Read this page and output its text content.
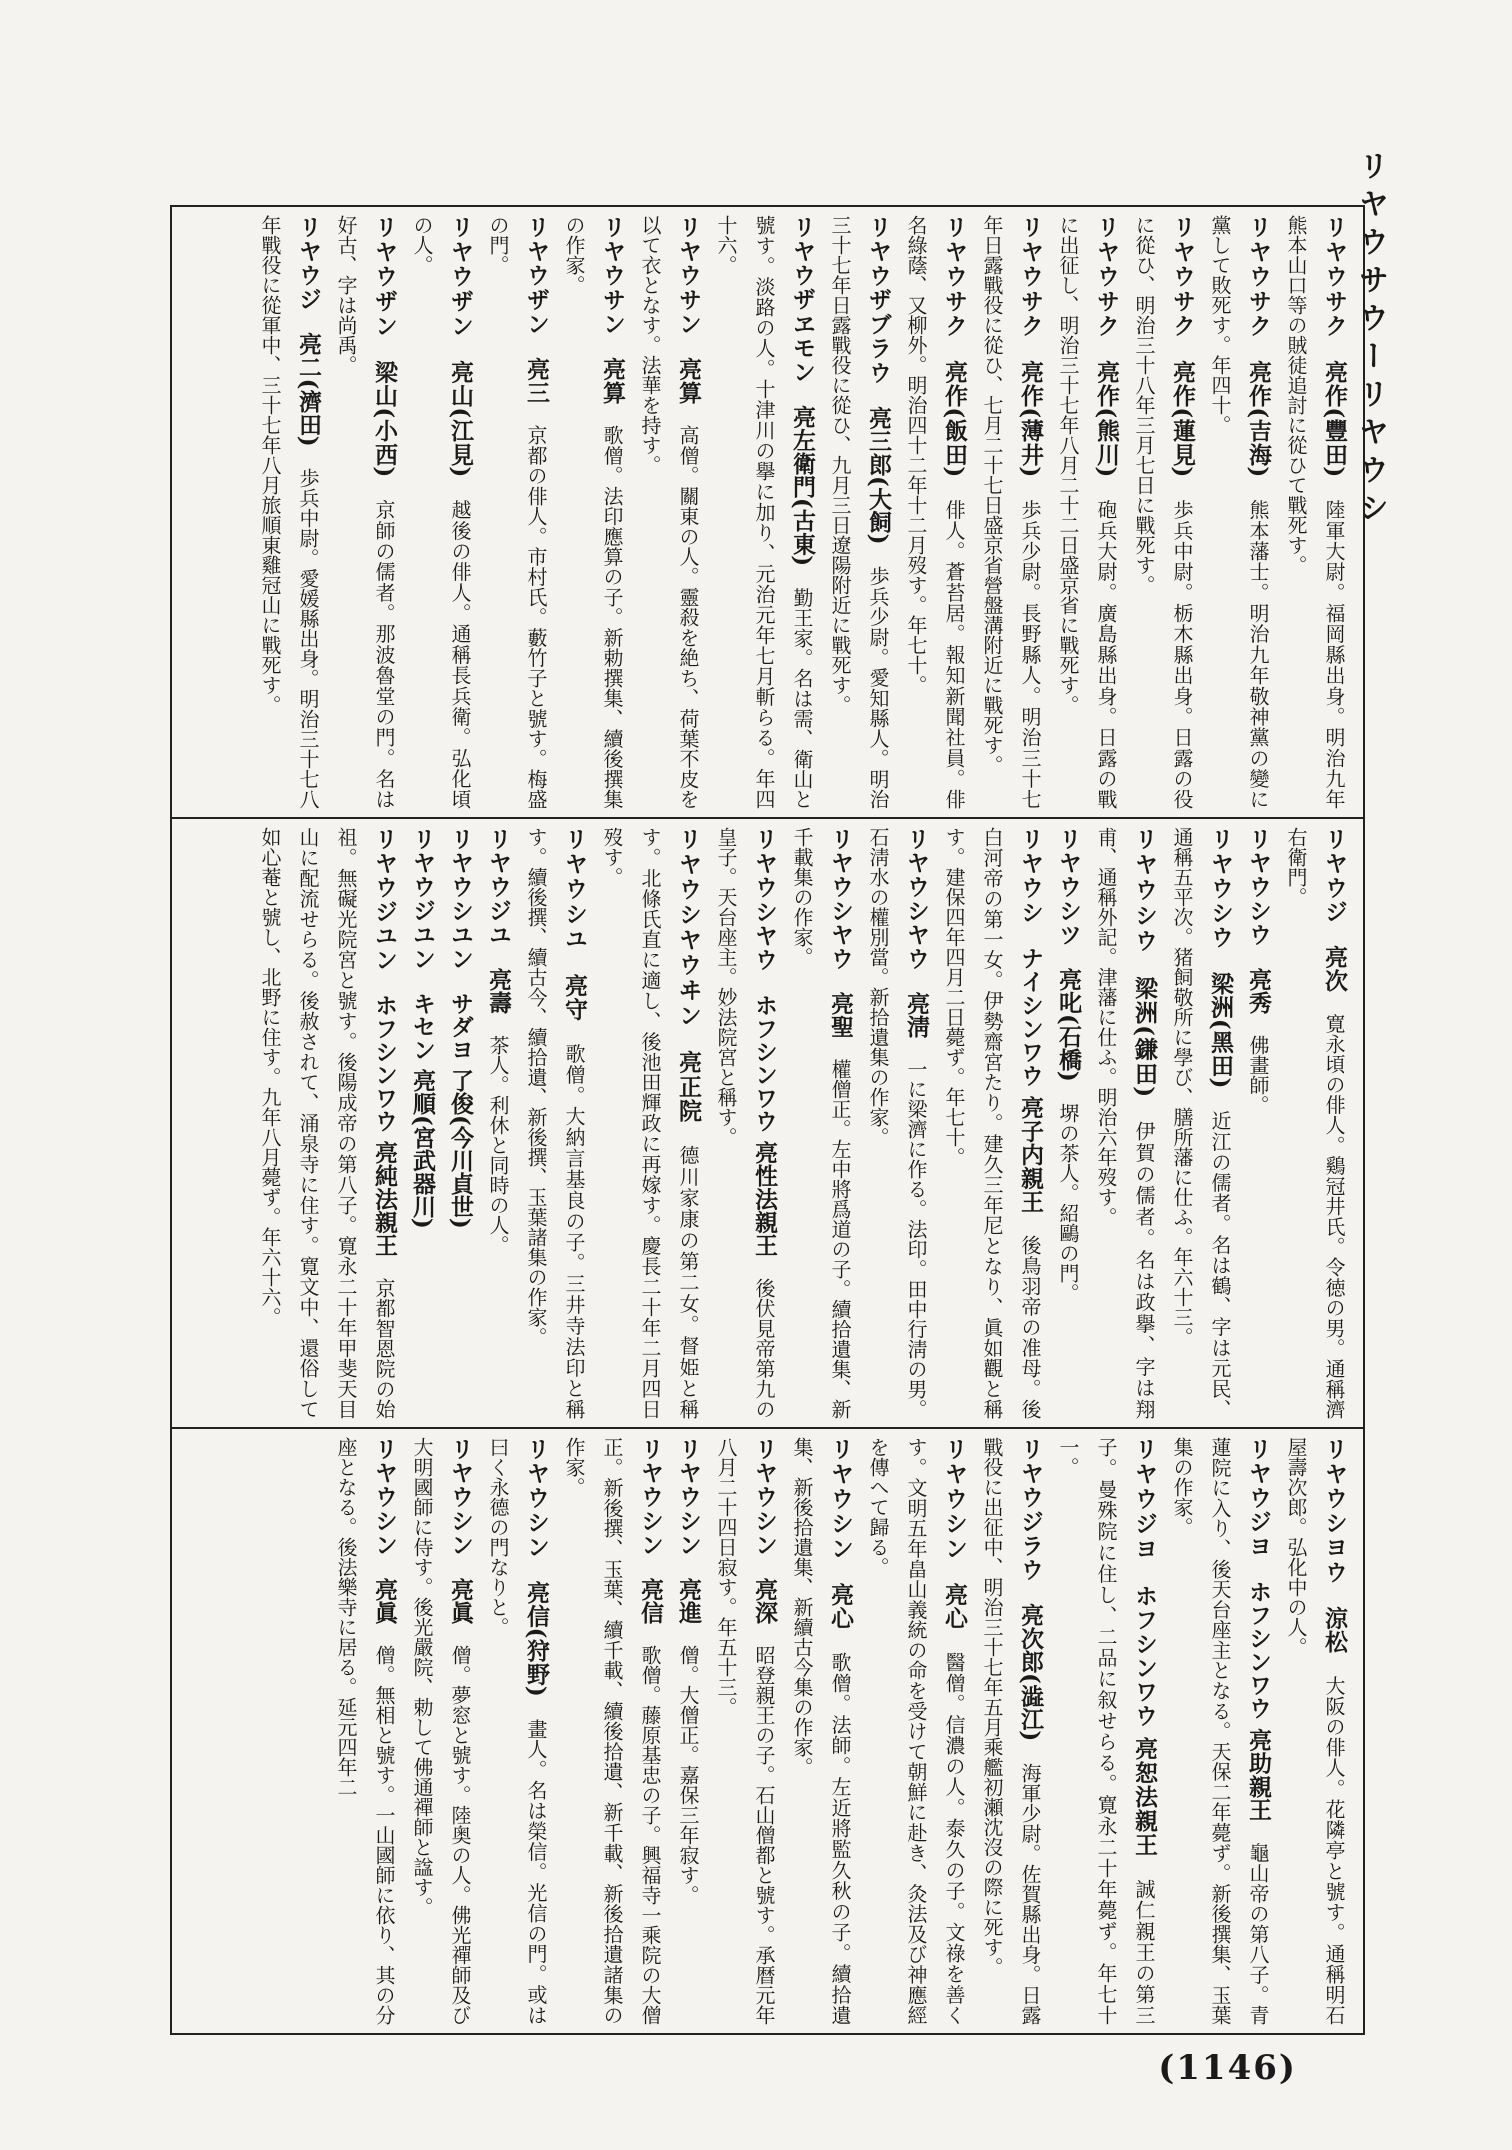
リヤウサウーリヤウシ
リヤウサク　亮作(豐田)　陸軍大尉。福岡縣出身。明治九年熊本山口等の賊徒追討に從ひて戰死す。
リヤウサク　亮作(吉海)　熊本藩士。明治九年敬神黨の變に黨して敗死す。年四十。
リヤウサク　亮作(蓮見)　歩兵中尉。栃木縣出身。日露の役に從ひ、明治三十八年三月七日に戰死す。
リヤウサク　亮作(熊川)　砲兵大尉。廣島縣出身。日露の戰に出征し、明治三十七年八月二十二日盛京省に戰死す。
リヤウサク　亮作(薄井)　歩兵少尉。長野縣人。明治三十七年日露戰役に從ひ、七月二十七日盛京省營盤溝附近に戰死す。
リヤウサク　亮作(飯田)　俳人。蒼苔居。報知新聞社員。俳名綠蔭、又柳外。明治四十二年十二月歿す。年七十。
リヤウザブラウ　亮三郎(大飼)　歩兵少尉。愛知縣人。明治三十七年日露戰役に從ひ、九月三日遼陽附近に戰死す。
リヤウザヱモン　亮左衛門(古東)　勤王家。名は需、衛山と號す。淡路の人。十津川の擧に加り、元治元年七月斬らる。年四十六。
リヤウサン　亮算　高僧。關東の人。靈殺を絶ち、荷葉不皮を以て衣となす。法華を持す。
リヤウサン　亮算　歌僧。法印應算の子。新勅撰集、續後撰集の作家。
リヤウザン　亮三　京都の俳人。市村氏。藪竹子と號す。梅盛の門。
リヤウザン　亮山(江見)　越後の俳人。通稱長兵衛。弘化頃の人。
リヤウザン　梁山(小西)　京師の儒者。那波魯堂の門。名は好古、字は尚禹。
リヤウジ　亮二(濟田)　歩兵中尉。愛媛縣出身。明治三十七八年戰役に從軍中、三十七年八月旅順東雞冠山に戰死す。
リヤウジ　亮次　寛永頃の俳人。鷄冠井氏。令徳の男。通稱濟右衛門。
リヤウシウ　亮秀　佛畫師。
リヤウシウ　梁洲(黑田)　近江の儒者。名は鶴、字は元民、通稱五平次。猪飼敬所に學び、膳所藩に仕ふ。年六十三。
リヤウシウ　梁洲(鎌田)　伊賀の儒者。名は政擧、字は翔甫、通稱外記。津藩に仕ふ。明治六年歿す。
リヤウシツ　亮叱(石橋)　堺の茶人。紹鷗の門。
リヤウシ　ナイシンワウ 亮子内親王　後鳥羽帝の准母。後白河帝の第一女。伊勢齋宮たり。建久三年尼となり、眞如觀と稱す。建保四年四月二日薨ず。年七十。
リヤウシヤウ　亮淸　一に梁濟に作る。法印。田中行淸の男。石淸水の權別當。新拾遺集の作家。
リヤウシヤウ　亮聖　權僧正。左中將爲道の子。續拾遺集、新千載集の作家。
リヤウシヤウ　ホフシンワウ 亮性法親王　後伏見帝第九の皇子。天台座主。妙法院宮と稱す。
リヤウシヤウヰン　亮正院　德川家康の第二女。督姫と稱す。北條氏直に適し、後池田輝政に再嫁す。慶長二十年二月四日歿す。
リヤウシユ　亮守　歌僧。大納言基良の子。三井寺法印と稱す。續後撰、續古今、續拾遺、新後撰、玉葉諸集の作家。
リヤウジユ　亮壽　茶人。利休と同時の人。
リヤウシユン　サダヨ 了俊(今川貞世)　
リヤウジユン　キセン 亮順(宮武器川)　
リヤウジユン　ホフシンワウ 亮純法親王　京都智恩院の始祖。無礙光院宮と號す。後陽成帝の第八子。寛永二十年甲斐天目山に配流せらる。後赦されて、涌泉寺に住す。寛文中、還俗して如心菴と號し、北野に住す。九年八月薨ず。年六十六。
リヤウシヨウ　涼松　大阪の俳人。花隣亭と號す。通稱明石屋壽次郎。弘化中の人。
リヤウジヨ　ホフシンワウ 亮助親王　龜山帝の第八子。青蓮院に入り、後天台座主となる。天保二年薨ず。新後撰集、玉葉集の作家。
リヤウジヨ　ホフシンワウ 亮恕法親王　誠仁親王の第三子。曼殊院に住し、二品に叙せらる。寛永二十年薨ず。年七十一。
リヤウジラウ　亮次郎(澁江)　海軍少尉。佐賀縣出身。日露戰役に出征中、明治三十七年五月乘艦初瀬沈沒の際に死す。
リヤウシン　亮心　醫僧。信濃の人。泰久の子。文祿を善くす。文明五年畠山義統の命を受けて朝鮮に赴き、灸法及び神應經を傳へて歸る。
リヤウシン　亮心　歌僧。法師。左近將監久秋の子。續拾遺集、新後拾遺集、新續古今集の作家。
リヤウシン　亮深　昭登親王の子。石山僧都と號す。承暦元年八月二十四日寂す。年五十三。
リヤウシン　亮進　僧。大僧正。嘉保三年寂す。
リヤウシン　亮信　歌僧。藤原基忠の子。興福寺一乘院の大僧正。新後撰、玉葉、續千載、續後拾遺、新千載、新後拾遺諸集の作家。
リヤウシン　亮信(狩野)　畫人。名は榮信。光信の門。或は曰く永德の門なりと。
リヤウシン　亮眞　僧。夢窓と號す。陸奥の人。佛光禪師及び大明國師に侍す。後光嚴院、勅して佛通禪師と諡す。
リヤウシン　亮眞　僧。無相と號す。一山國師に依り、其の分座となる。後法樂寺に居る。延元四年二
(1146)
